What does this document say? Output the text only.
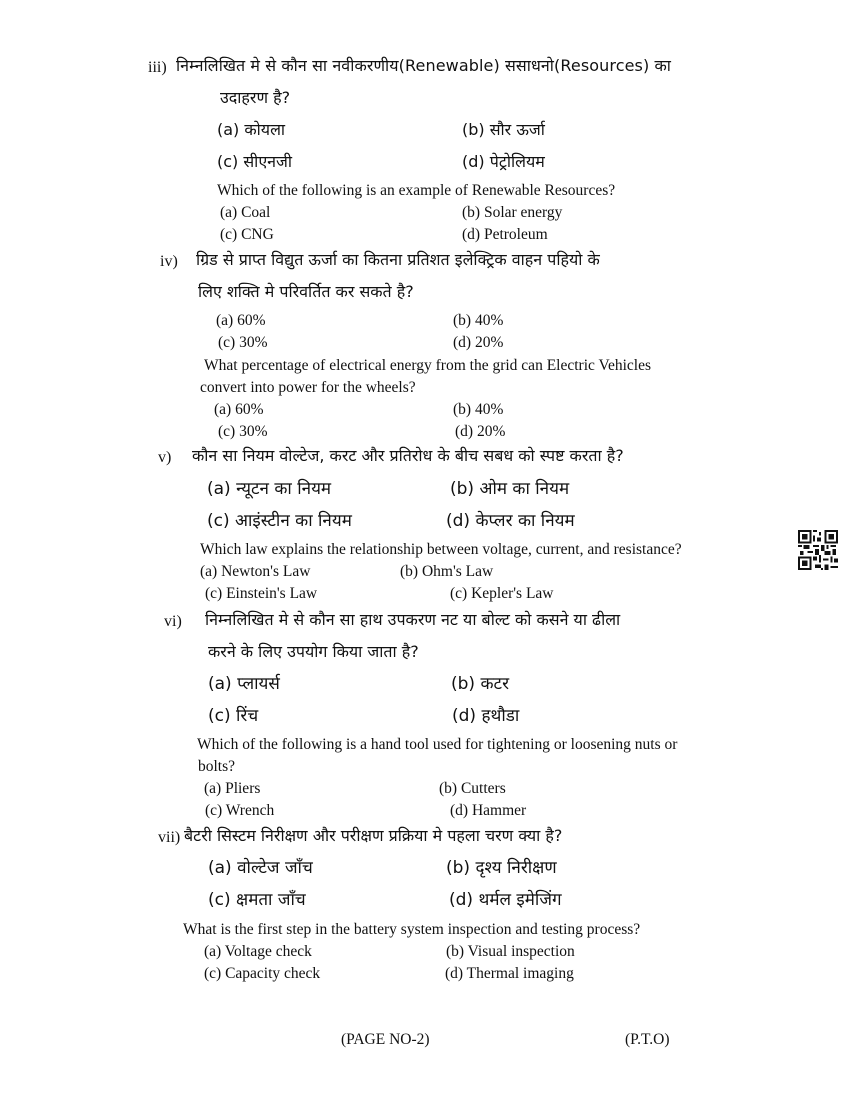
iii) निम्नलिखित मे से कौन सा नवीकरणीय(Renewable) ससाधनो(Resources) का
उदाहरण है?
(a) कोयला	(b) सौर ऊर्जा
(c) सीएनजी	(d) पेट्रोलियम
Which of the following is an example of Renewable Resources?
(a) Coal	(b) Solar energy
(c) CNG	(d) Petroleum
iv) ग्रिड से प्राप्त विद्युत ऊर्जा का कितना प्रतिशत इलेक्ट्रिक वाहन पहियो के
लिए शक्ति मे परिवर्तित कर सकते है?
(a) 60%	(b) 40%
(c) 30%	(d) 20%
What percentage of electrical energy from the grid can Electric Vehicles
convert into power for the wheels?
(a) 60%	(b) 40%
(c) 30%	(d) 20%
v) कौन सा नियम वोल्टेज, करट और प्रतिरोध के बीच सबध को स्पष्ट करता है?
(a) न्यूटन का नियम	(b) ओम का नियम
(c) आइंस्टीन का नियम	(d) केप्लर का नियम
Which law explains the relationship between voltage, current, and resistance?
(a) Newton's Law	(b) Ohm's Law
(c) Einstein's Law	(c) Kepler's Law
vi) निम्नलिखित मे से कौन सा हाथ उपकरण नट या बोल्ट को कसने या ढीला
करने के लिए उपयोग किया जाता है?
(a) प्लायर्स	(b) कटर
(c) रिंच	(d) हथौडा
Which of the following is a hand tool used for tightening or loosening nuts or
bolts?
(a) Pliers	(b) Cutters
(c) Wrench	(d) Hammer
vii) बैटरी सिस्टम निरीक्षण और परीक्षण प्रक्रिया मे पहला चरण क्या है?
(a) वोल्टेज जाँच	(b) दृश्य निरीक्षण
(c) क्षमता जाँच	(d) थर्मल इमेजिंग
What is the first step in the battery system inspection and testing process?
(a) Voltage check	(b) Visual inspection
(c) Capacity check	(d) Thermal imaging
(PAGE NO-2)	(P.T.O)
